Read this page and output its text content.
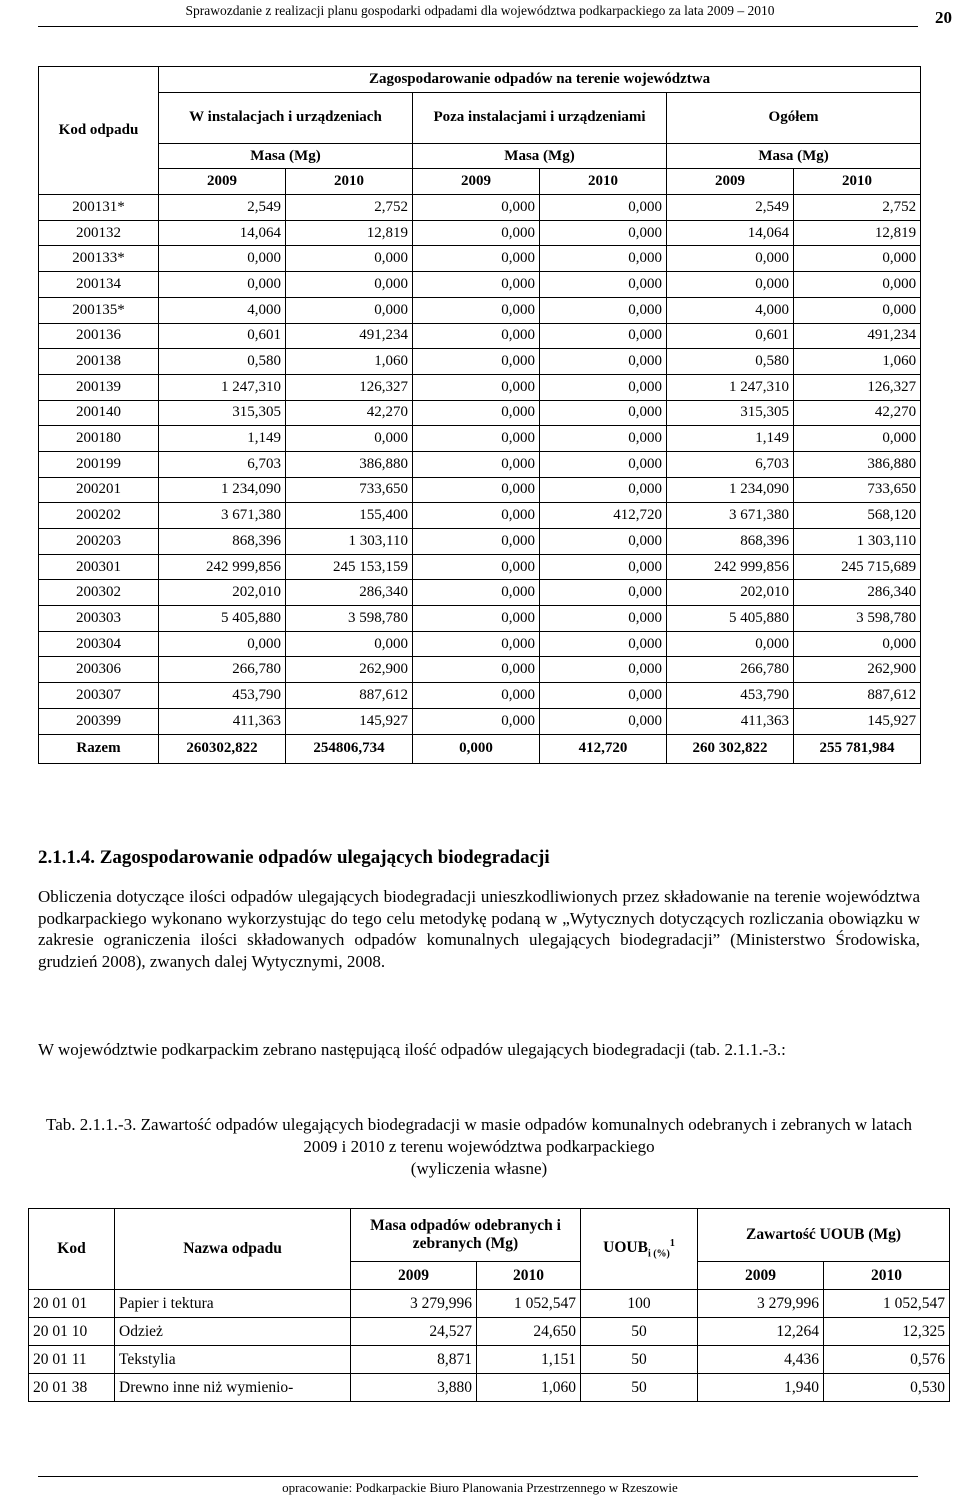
Sprawozdanie z realizacji planu gospodarki odpadami dla województwa podkarpackiego za lata 2009 – 2010	20
Kod odpadu	Zagospodarowanie odpadów na terenie województwa					
	W instalacjach i urządzeniach		Poza instalacjami i urządzeniami		Ogółem	
	Masa (Mg)		Masa (Mg)		Masa (Mg)	
	2009	2010	2009	2010	2009	2010
200131*	2,549	2,752	0,000	0,000	2,549	2,752
200132	14,064	12,819	0,000	0,000	14,064	12,819
200133*	0,000	0,000	0,000	0,000	0,000	0,000
200134	0,000	0,000	0,000	0,000	0,000	0,000
200135*	4,000	0,000	0,000	0,000	4,000	0,000
200136	0,601	491,234	0,000	0,000	0,601	491,234
200138	0,580	1,060	0,000	0,000	0,580	1,060
200139	1 247,310	126,327	0,000	0,000	1 247,310	126,327
200140	315,305	42,270	0,000	0,000	315,305	42,270
200180	1,149	0,000	0,000	0,000	1,149	0,000
200199	6,703	386,880	0,000	0,000	6,703	386,880
200201	1 234,090	733,650	0,000	0,000	1 234,090	733,650
200202	3 671,380	155,400	0,000	412,720	3 671,380	568,120
200203	868,396	1 303,110	0,000	0,000	868,396	1 303,110
200301	242 999,856	245 153,159	0,000	0,000	242 999,856	245 715,689
200302	202,010	286,340	0,000	0,000	202,010	286,340
200303	5 405,880	3 598,780	0,000	0,000	5 405,880	3 598,780
200304	0,000	0,000	0,000	0,000	0,000	0,000
200306	266,780	262,900	0,000	0,000	266,780	262,900
200307	453,790	887,612	0,000	0,000	453,790	887,612
200399	411,363	145,927	0,000	0,000	411,363	145,927
Razem	260302,822	254806,734	0,000	412,720	260 302,822	255 781,984
2.1.1.4. Zagospodarowanie odpadów ulegających biodegradacji
Obliczenia dotyczące ilości odpadów ulegających biodegradacji unieszkodliwionych przez składowanie na terenie województwa podkarpackiego wykonano wykorzystując do tego celu metodykę podaną w „Wytycznych dotyczących rozliczania obowiązku w zakresie ograniczenia ilości składowanych odpadów komunalnych ulegających biodegradacji” (Ministerstwo Środowiska, grudzień 2008), zwanych dalej Wytycznymi, 2008.
W województwie podkarpackim zebrano następującą ilość odpadów ulegających biodegradacji (tab. 2.1.1.-3.:
Tab. 2.1.1.-3. Zawartość odpadów ulegających biodegradacji w masie odpadów komunalnych odebranych i zebranych w latach 2009 i 2010 z terenu województwa podkarpackiego
(wyliczenia własne)
Kod	Nazwa odpadu	Masa odpadów odebranych i zebranych (Mg)		$UOUB_{i (\%)}^1$	Zawartość UOUB (Mg)	
		2009	2010		2009	2010
20 01 01	Papier i tektura	3 279,996	1 052,547	100	3 279,996	1 052,547
20 01 10	Odzież	24,527	24,650	50	12,264	12,325
20 01 11	Tekstylia	8,871	1,151	50	4,436	0,576
20 01 38	Drewno inne niż wymienio-	3,880	1,060	50	1,940	0,530
opracowanie: Podkarpackie Biuro Planowania Przestrzennego w Rzeszowie
